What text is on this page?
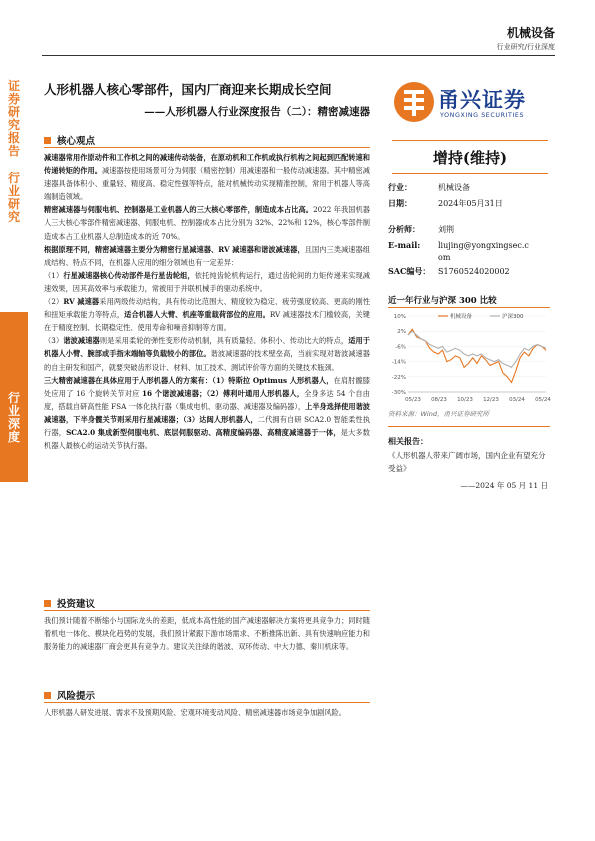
机械设备
行业研究/行业深度
证
券
研
究
报
告
行
业
研
究
行
业
深
度
人形机器人核心零部件，国内厂商迎来长期成长空间
——人形机器人行业深度报告（二）：精密减速器
核心观点

减速器常用作原动件和工作机之间的减速传动装备，在原动机和工作机或执行机构之间起到匹配转速和传递转矩的作用。减速器按使用场景可分为伺服（精密控制）用减速器和一般传动减速器。其中精密减速器具备体积小、重量轻、精度高、稳定性强等特点，能对机械传动实现精准控制，常用于机器人等高端制造领域。

精密减速器与伺服电机、控制器是工业机器人的三大核心零部件，制造成本占比高。2022 年我国机器人三大核心零部件精密减速器、伺服电机、控制器成本占比分别为 32%、22%和 12%，核心零部件制造成本占工业机器人总制造成本的近 70%。

根据原理不同，精密减速器主要分为精密行星减速器、RV 减速器和谐波减速器，且国内三类减速器组成结构、特点不同，在机器人应用的细分领域也有一定差异：

（1）行星减速器核心传动部件是行星齿轮组，依托纯齿轮机构运行，通过齿轮间的力矩传递来实现减速效果，因其高效率与承载能力，常被用于并联机械手的驱动系统中。

（2）RV 减速器采用两级传动结构，具有传动比范围大、精度较为稳定、疲劳强度较高、更高的刚性和扭矩承载能力等特点，适合机器人大臂、机座等重载荷部位的应用。RV 减速器技术门槛较高，关键在于精度控制、长期稳定性、使用寿命和噪音抑制等方面。

（3）谐波减速器则是采用柔轮的弹性变形传动机制，具有质量轻、体积小、传动比大的特点，适用于机器人小臂、腕部或手指末端轴等负载较小的部位。谐波减速器的技术壁垒高，当前实现对谐波减速器的自主研发和国产，就要突破齿形设计、材料、加工技术、测试评价等方面的关键技术瓶颈。

三大精密减速器在具体应用于人形机器人的方案有：（1）特斯拉 Optimus 人形机器人，在肩肘髋膝处应用了 16 个旋转关节对应 16 个谐波减速器；（2）傅利叶通用人形机器人，全身多达 54 个自由度，搭载自研高性能 FSA 一体化执行器（集成电机、驱动器、减速器及编码器），上半身选择使用谐波减速器，下半身髋关节则采用行星减速器；（3）达闼人形机器人，二代拥有自研 SCA2.0 智能柔性执行器，SCA2.0 集成新型伺服电机、底层伺服驱动、高精度编码器、高精度减速器于一体，是大多数机器人最核心的运动关节执行器。

投资建议

我们预计随着不断缩小与国际龙头的差距，低成本高性能的国产减速器解决方案将更具竞争力；同时随着机电一体化、模块化趋势的发展，我们预计紧跟下游市场需求、不断推陈出新、具有快速响应能力和服务能力的减速器厂商会更具有竞争力。建议关注绿的谐波、双环传动、中大力德、秦川机床等。

风险提示

人形机器人研发进展、需求不及预期风险、宏观环境变动风险、精密减速器市场竞争加剧风险。

甬兴证券
YONGXING SECURITIES
增持(维持)
行业：	机械设备
日期：	2024年05月31日
分析师： 刘荆
E-mail: liujing@yongxingsec.c
om
SAC编号： S1760524020002
近一年行业与沪深 300 比较
10%
2%
-6%
-14%
-22%
-30%
05/23 08/23 10/23 12/23 03/24 05/24
机械设备	沪深300
资料来源：Wind，甬兴证券研究所
相关报告：
《人形机器人带来广阔市场，国内企业有望充分受益》
——2024 年 05 月 11 日
